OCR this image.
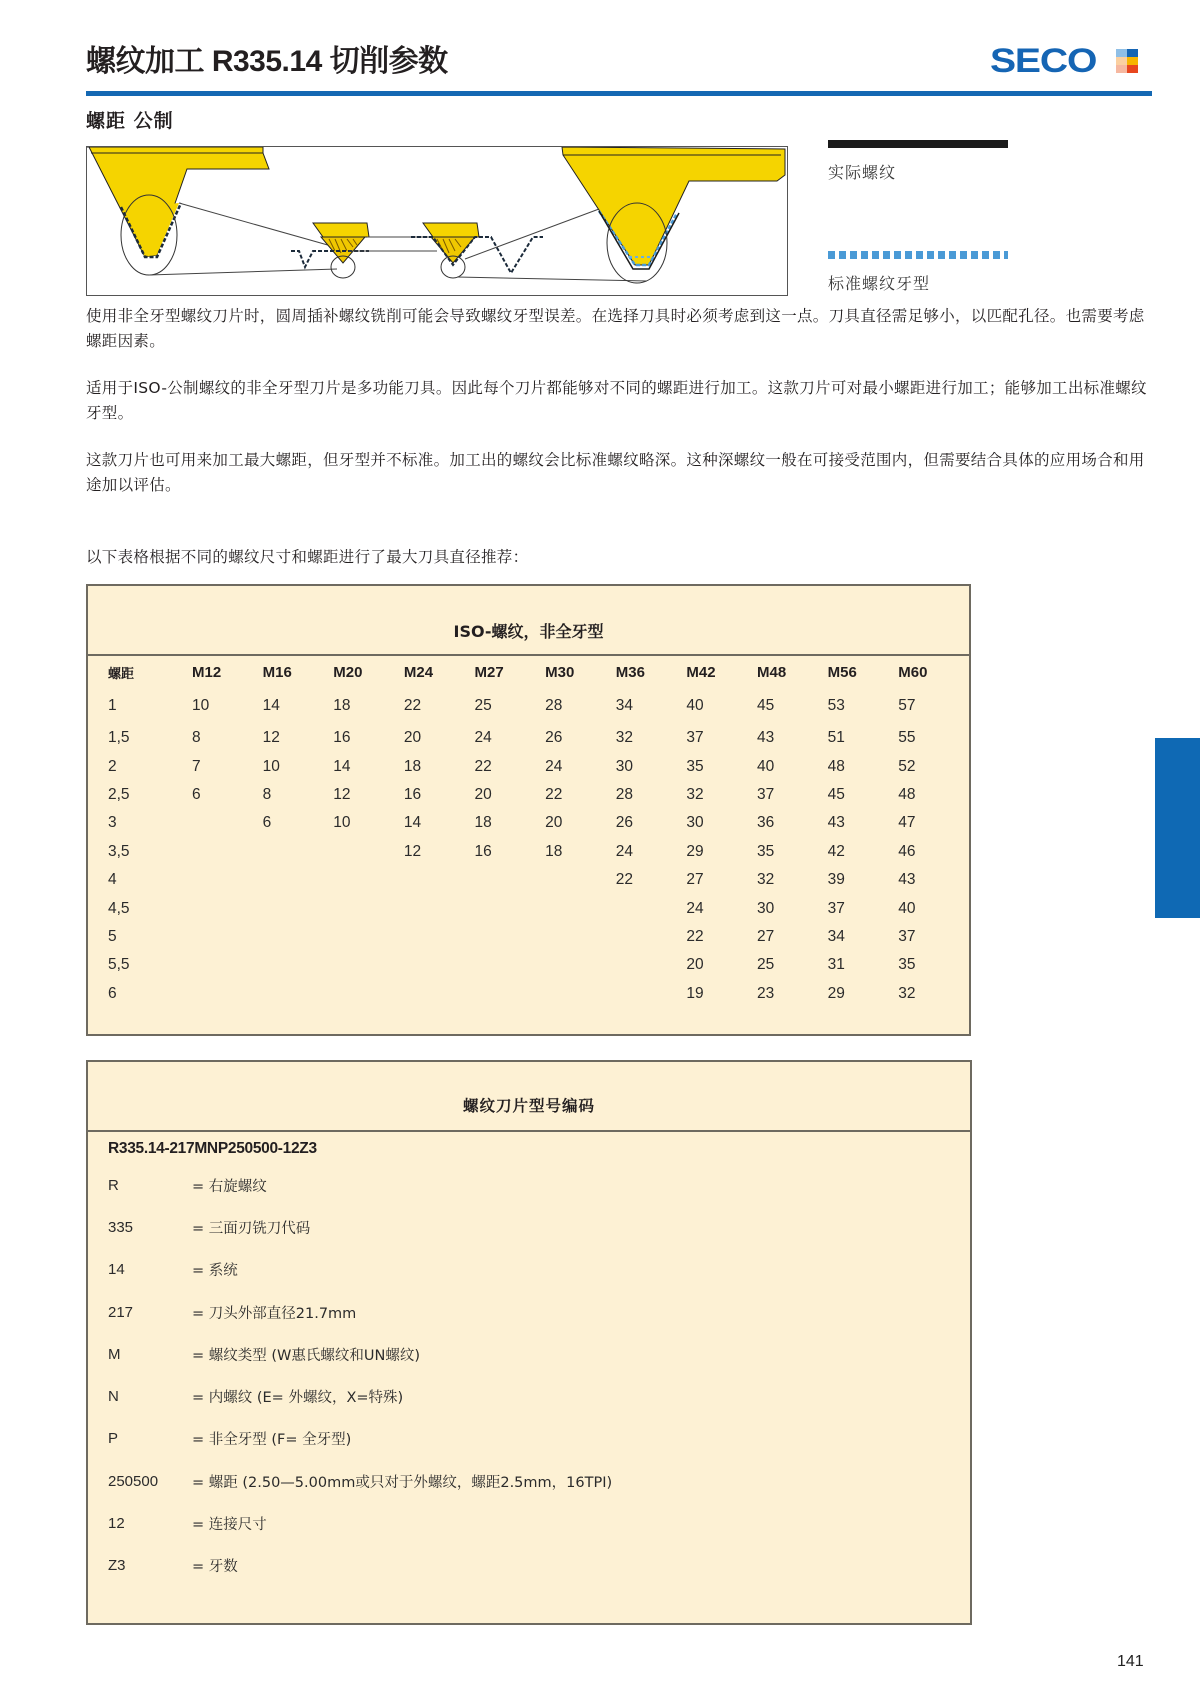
螺纹加工 R335.14 切削参数	SECO
螺距 公制
实际螺纹
标准螺纹牙型
使用非全牙型螺纹刀片时，圆周插补螺纹铣削可能会导致螺纹牙型误差。在选择刀具时必须考虑到这一点。刀具直径需足够小，以匹配孔径。也需要考虑螺距因素。
适用于ISO-公制螺纹的非全牙型刀片是多功能刀具。因此每个刀片都能够对不同的螺距进行加工。这款刀片可对最小螺距进行加工；能够加工出标准螺纹牙型。
这款刀片也可用来加工最大螺距，但牙型并不标准。加工出的螺纹会比标准螺纹略深。这种深螺纹一般在可接受范围内，但需要结合具体的应用场合和用途加以评估。
以下表格根据不同的螺纹尺寸和螺距进行了最大刀具直径推荐：
ISO-螺纹，非全牙型
螺距	M12	M16	M20	M24	M27	M30	M36	M42	M48	M56	M60
1	10	14	18	22	25	28	34	40	45	53	57
1,5	8	12	16	20	24	26	32	37	43	51	55
2	7	10	14	18	22	24	30	35	40	48	52
2,5	6	8	12	16	20	22	28	32	37	45	48
3		6	10	14	18	20	26	30	36	43	47
3,5				12	16	18	24	29	35	42	46
4							22	27	32	39	43
4,5								24	30	37	40
5								22	27	34	37
5,5								20	25	31	35
6								19	23	29	32
螺纹刀片型号编码
R335.14-217MNP250500-12Z3
R	= 右旋螺纹
335	= 三面刃铣刀代码
14	= 系统
217	= 刀头外部直径21.7mm
M	= 螺纹类型 (W惠氏螺纹和UN螺纹)
N	= 内螺纹 (E= 外螺纹，X=特殊)
P	= 非全牙型 (F= 全牙型)
250500	= 螺距 (2.50—5.00mm或只对于外螺纹，螺距2.5mm，16TPI)
12	= 连接尺寸
Z3	= 牙数
141
